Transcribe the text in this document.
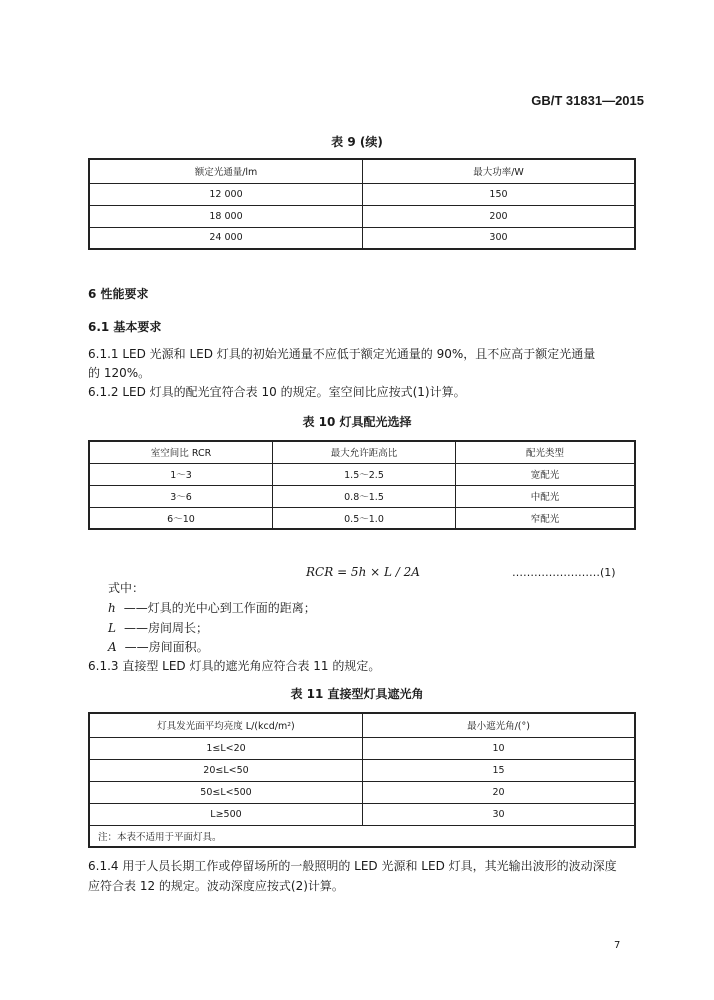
GB/T 31831—2015
表 9 (续)
额定光通量/lm	最大功率/W
12 000	150
18 000	200
24 000	300
6 性能要求
6.1 基本要求
6.1.1 LED 光源和 LED 灯具的初始光通量不应低于额定光通量的 90%，且不应高于额定光通量
的 120%。
6.1.2 LED 灯具的配光宜符合表 10 的规定。室空间比应按式(1)计算。
表 10 灯具配光选择
室空间比 RCR	最大允许距高比	配光类型
1～3	1.5～2.5	宽配光
3～6	0.8～1.5	中配光
6～10	0.5～1.0	窄配光
RCR = 5h × L / 2A	……………………(1)
式中：
h ——灯具的光中心到工作面的距离；
L ——房间周长；
A ——房间面积。
6.1.3 直接型 LED 灯具的遮光角应符合表 11 的规定。
表 11 直接型灯具遮光角
灯具发光面平均亮度 L/(kcd/m²)	最小遮光角/(°)
1≤L<20	10
20≤L<50	15
50≤L<500	20
L≥500	30
注：本表不适用于平面灯具。	
6.1.4 用于人员长期工作或停留场所的一般照明的 LED 光源和 LED 灯具，其光输出波形的波动深度
应符合表 12 的规定。波动深度应按式(2)计算。
7
